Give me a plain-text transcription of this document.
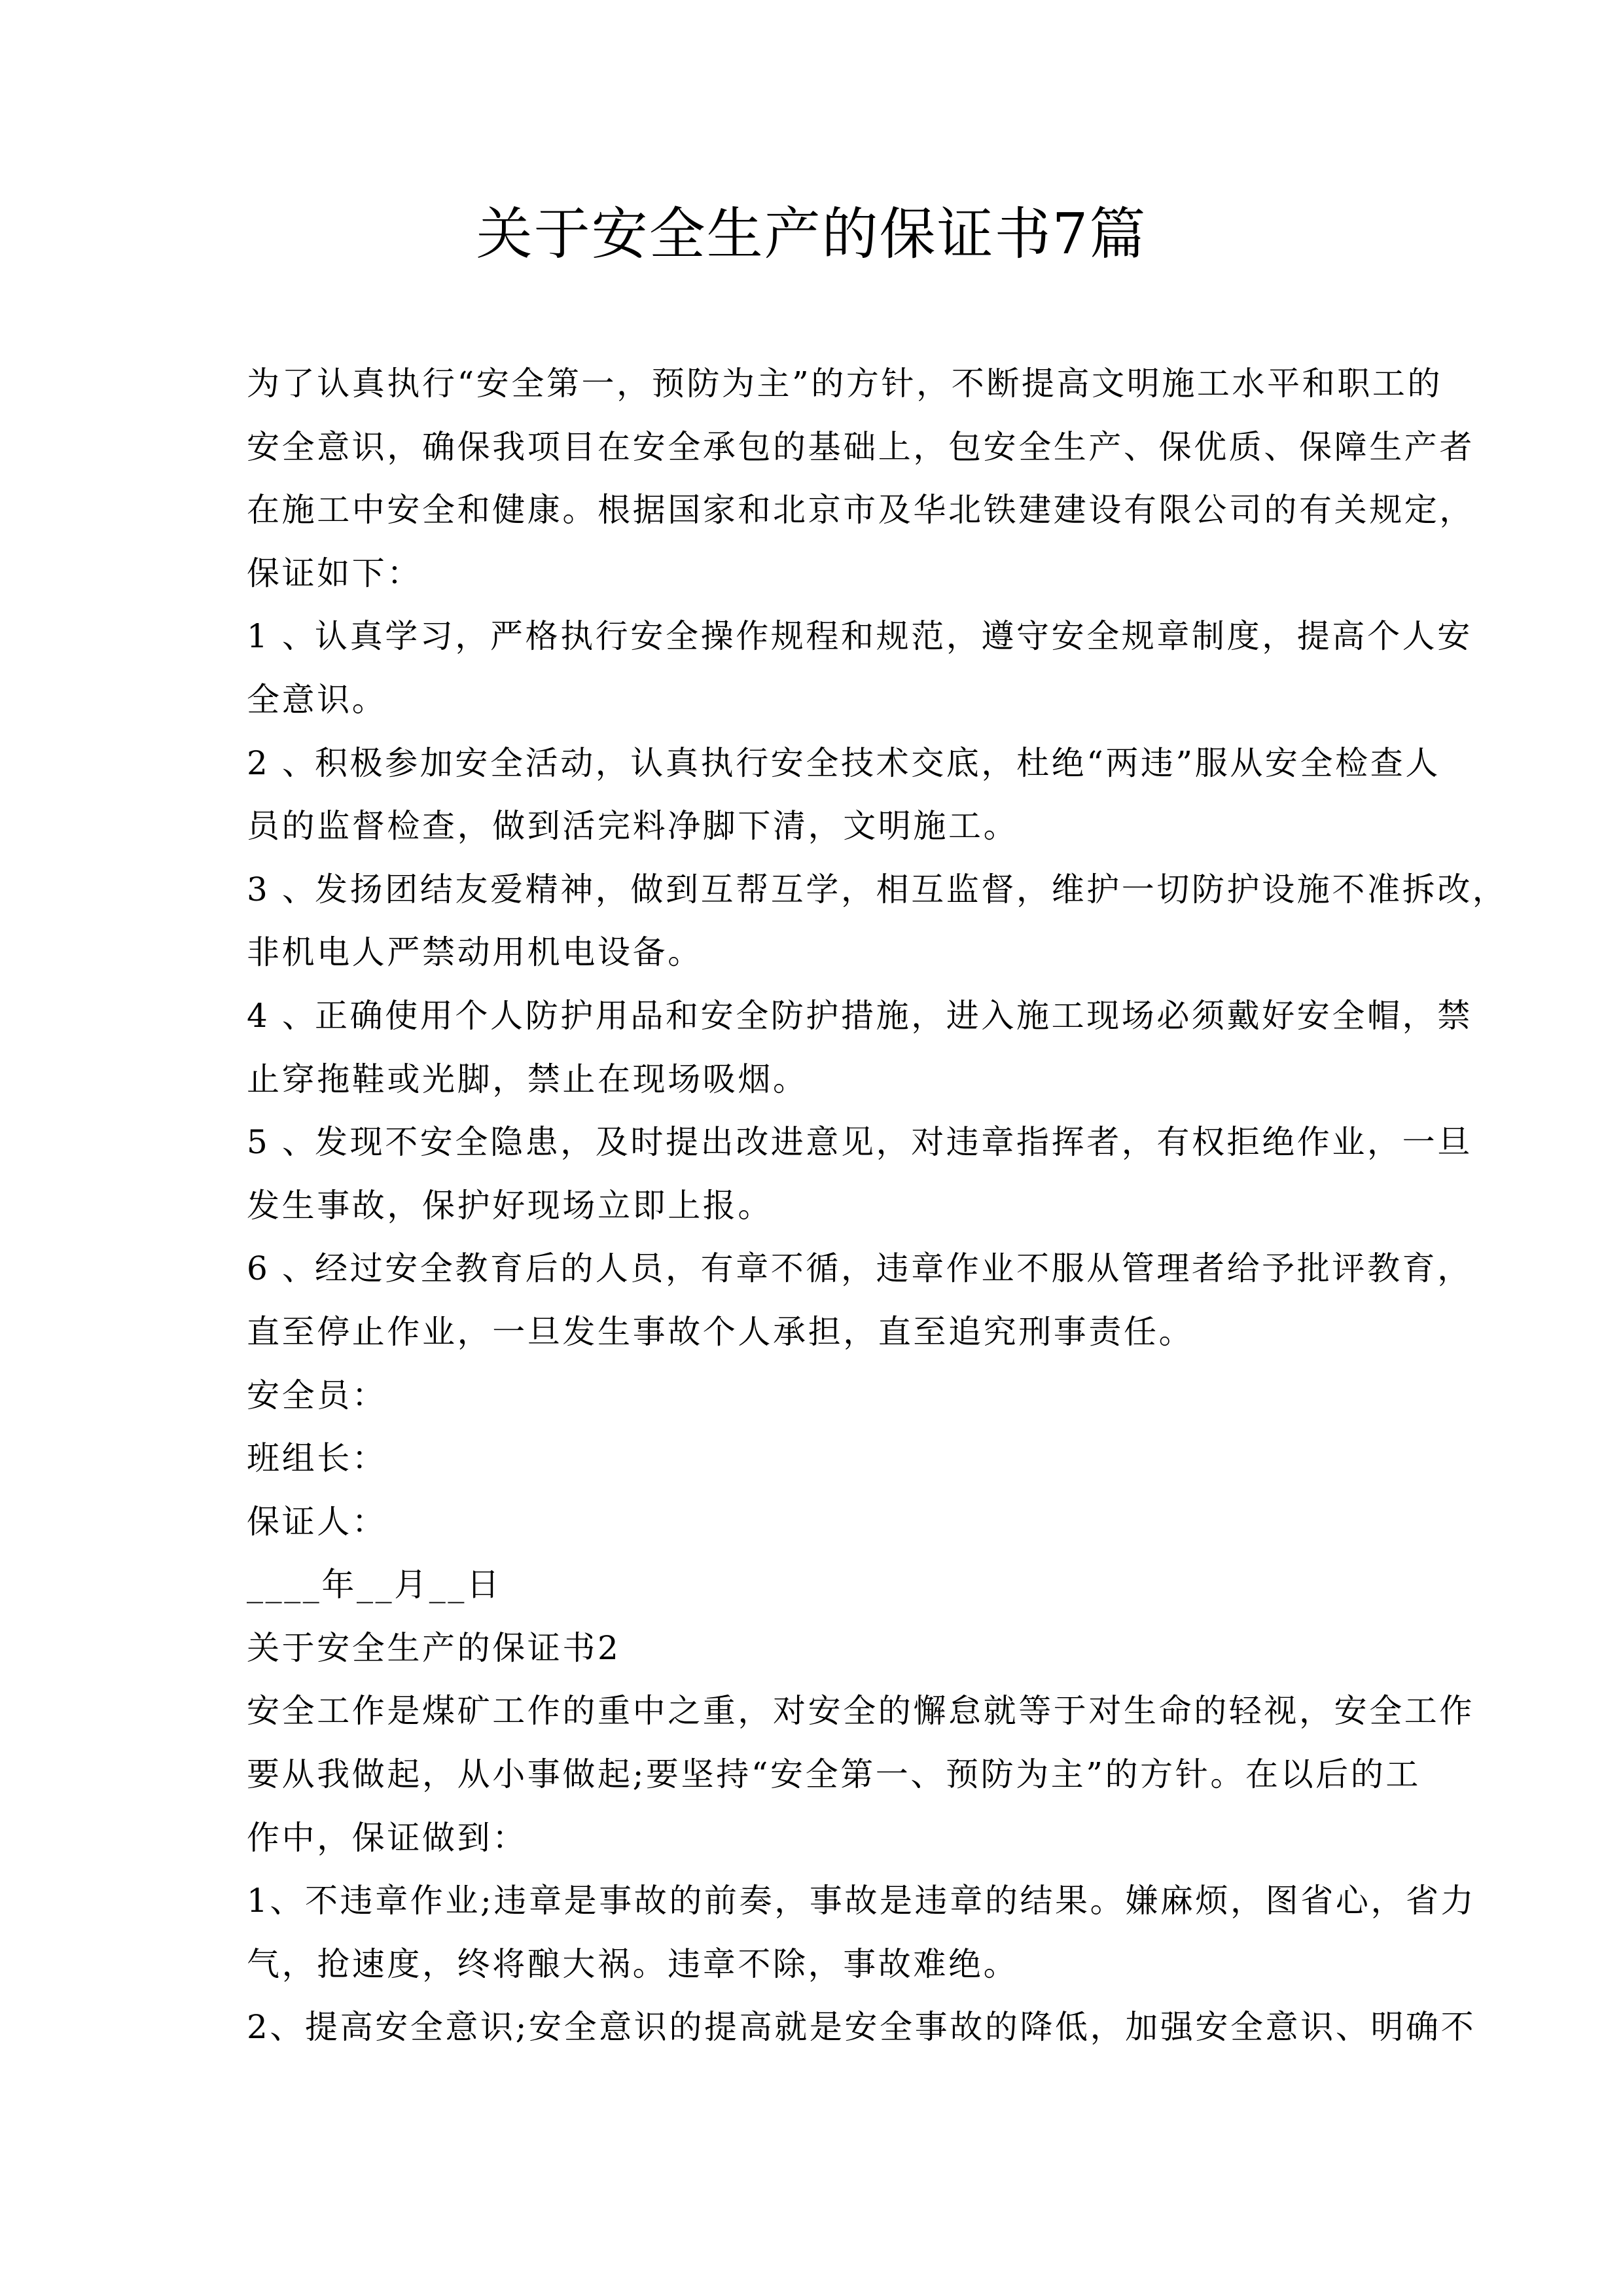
关于安全生产的保证书7篇
为了认真执行“安全第一，预防为主”的方针，不断提高文明施工水平和职工的
安全意识，确保我项目在安全承包的基础上，包安全生产、保优质、保障生产者
在施工中安全和健康。根据国家和北京市及华北铁建建设有限公司的有关规定，
保证如下：
1、认真学习，严格执行安全操作规程和规范，遵守安全规章制度，提高个人安
全意识。
2、积极参加安全活动，认真执行安全技术交底，杜绝“两违”服从安全检查人
员的监督检查，做到活完料净脚下清，文明施工。
3、发扬团结友爱精神，做到互帮互学，相互监督，维护一切防护设施不准拆改，
非机电人严禁动用机电设备。
4、正确使用个人防护用品和安全防护措施，进入施工现场必须戴好安全帽，禁
止穿拖鞋或光脚，禁止在现场吸烟。
5、发现不安全隐患，及时提出改进意见，对违章指挥者，有权拒绝作业，一旦
发生事故，保护好现场立即上报。
6、经过安全教育后的人员，有章不循，违章作业不服从管理者给予批评教育，
直至停止作业，一旦发生事故个人承担，直至追究刑事责任。
安全员：
班组长：
保证人：
____年__月__日
关于安全生产的保证书2
安全工作是煤矿工作的重中之重，对安全的懈怠就等于对生命的轻视，安全工作
要从我做起，从小事做起;要坚持“安全第一、预防为主”的方针。在以后的工
作中，保证做到：
1、不违章作业;违章是事故的前奏，事故是违章的结果。嫌麻烦，图省心，省力
气，抢速度，终将酿大祸。违章不除，事故难绝。
2、提高安全意识;安全意识的提高就是安全事故的降低，加强安全意识、明确不
